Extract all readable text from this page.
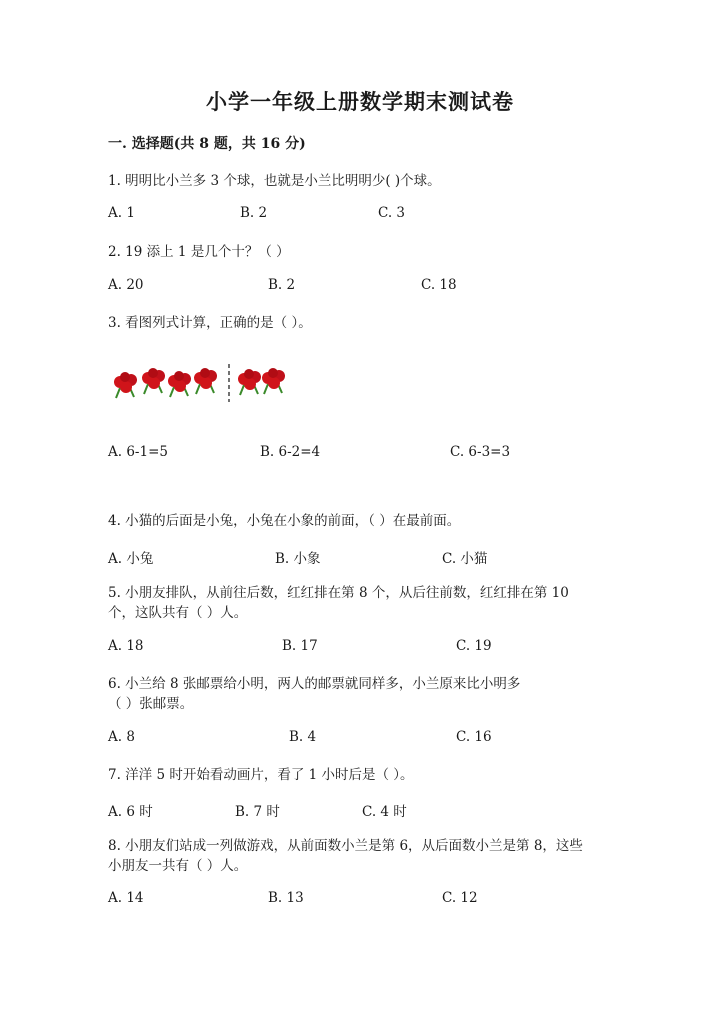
小学一年级上册数学期末测试卷
一. 选择题(共 8 题，共 16 分)
1. 明明比小兰多 3 个球，也就是小兰比明明少( )个球。
A. 1	B. 2	C. 3
2. 19 添上 1 是几个十？（ ）
A. 20	B. 2	C. 18
3. 看图列式计算，正确的是（ ）。
A. 6-1=5	B. 6-2=4	C. 6-3=3
4. 小猫的后面是小兔，小兔在小象的前面，（ ）在最前面。
A. 小兔	B. 小象	C. 小猫
5. 小朋友排队，从前往后数，红红排在第 8 个，从后往前数，红红排在第 10
个，这队共有（ ）人。
A. 18	B. 17	C. 19
6. 小兰给 8 张邮票给小明，两人的邮票就同样多，小兰原来比小明多
（ ）张邮票。
A. 8	B. 4	C. 16
7. 洋洋 5 时开始看动画片，看了 1 小时后是（ ）。
A. 6 时	B. 7 时	C. 4 时
8. 小朋友们站成一列做游戏，从前面数小兰是第 6，从后面数小兰是第 8，这些
小朋友一共有（ ）人。
A. 14	B. 13	C. 12
